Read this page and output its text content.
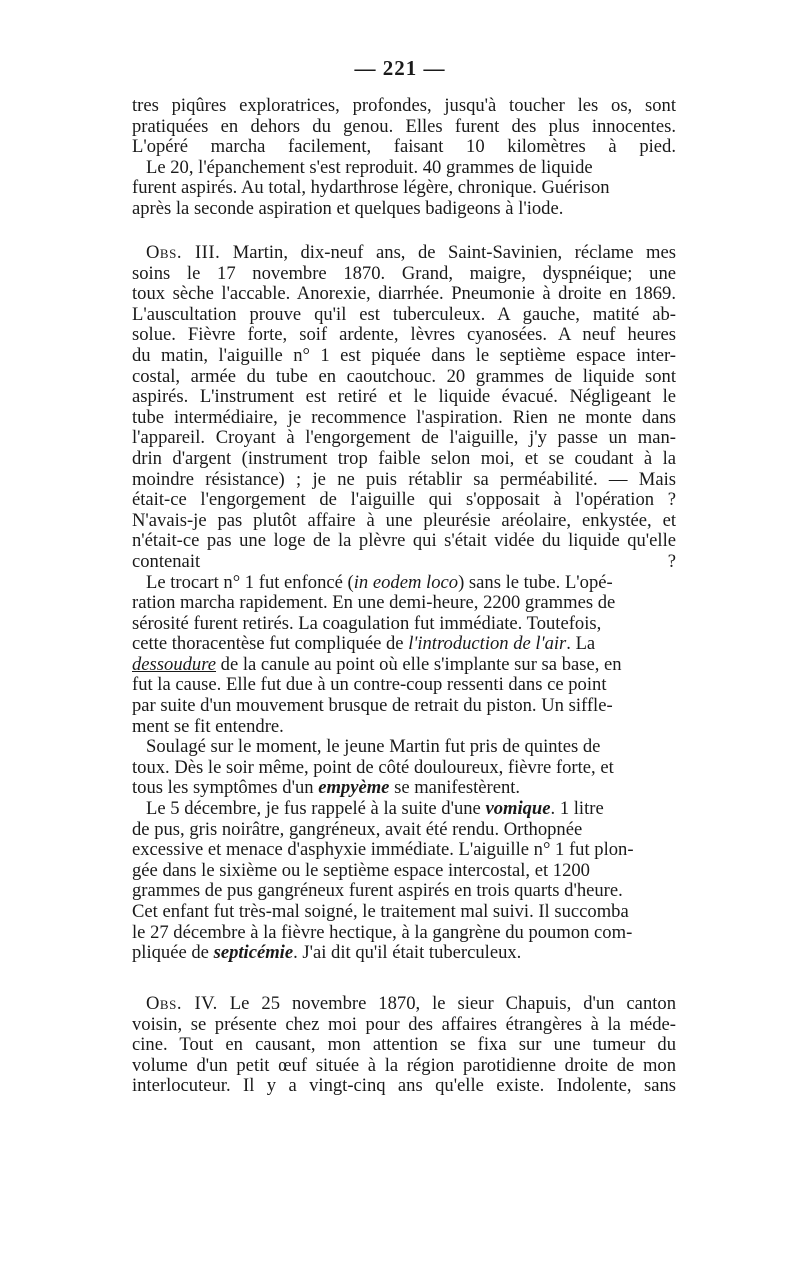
— 221 —

tres piqûres exploratrices, profondes, jusqu'à toucher les os, sont
pratiquées en dehors du genou. Elles furent des plus innocentes.
L'opéré marcha facilement, faisant 10 kilomètres à pied.

Le 20, l'épanchement s'est reproduit. 40 grammes de liquide
furent aspirés. Au total, hydarthrose légère, chronique. Guérison
après la seconde aspiration et quelques badigeons à l'iode.

Obs. III. Martin, dix-neuf ans, de Saint-Savinien, réclame mes
soins le 17 novembre 1870. Grand, maigre, dyspnéique; une
toux sèche l'accable. Anorexie, diarrhée. Pneumonie à droite en 1869.
L'auscultation prouve qu'il est tuberculeux. A gauche, matité ab-
solue. Fièvre forte, soif ardente, lèvres cyanosées. A neuf heures
du matin, l'aiguille n° 1 est piquée dans le septième espace inter-
costal, armée du tube en caoutchouc. 20 grammes de liquide sont
aspirés. L'instrument est retiré et le liquide évacué. Négligeant le
tube intermédiaire, je recommence l'aspiration. Rien ne monte dans
l'appareil. Croyant à l'engorgement de l'aiguille, j'y passe un man-
drin d'argent (instrument trop faible selon moi, et se coudant à la
moindre résistance) ; je ne puis rétablir sa perméabilité. — Mais
était-ce l'engorgement de l'aiguille qui s'opposait à l'opération ?
N'avais-je pas plutôt affaire à une pleurésie aréolaire, enkystée, et
n'était-ce pas une loge de la plèvre qui s'était vidée du liquide qu'elle
contenait ?

Le trocart n° 1 fut enfoncé (in eodem loco) sans le tube. L'opé-
ration marcha rapidement. En une demi-heure, 2200 grammes de
sérosité furent retirés. La coagulation fut immédiate. Toutefois,
cette thoracentèse fut compliquée de l'introduction de l'air. La
dessoudure de la canule au point où elle s'implante sur sa base, en
fut la cause. Elle fut due à un contre-coup ressenti dans ce point
par suite d'un mouvement brusque de retrait du piston. Un siffle-
ment se fit entendre.

Soulagé sur le moment, le jeune Martin fut pris de quintes de
toux. Dès le soir même, point de côté douloureux, fièvre forte, et
tous les symptômes d'un empyème se manifestèrent.

Le 5 décembre, je fus rappelé à la suite d'une vomique. 1 litre
de pus, gris noirâtre, gangréneux, avait été rendu. Orthopnée
excessive et menace d'asphyxie immédiate. L'aiguille n° 1 fut plon-
gée dans le sixième ou le septième espace intercostal, et 1200
grammes de pus gangréneux furent aspirés en trois quarts d'heure.
Cet enfant fut très-mal soigné, le traitement mal suivi. Il succomba
le 27 décembre à la fièvre hectique, à la gangrène du poumon com-
pliquée de septicémie. J'ai dit qu'il était tuberculeux.

Obs. IV. Le 25 novembre 1870, le sieur Chapuis, d'un canton
voisin, se présente chez moi pour des affaires étrangères à la méde-
cine. Tout en causant, mon attention se fixa sur une tumeur du
volume d'un petit œuf située à la région parotidienne droite de mon
interlocuteur. Il y a vingt-cinq ans qu'elle existe. Indolente, sans
